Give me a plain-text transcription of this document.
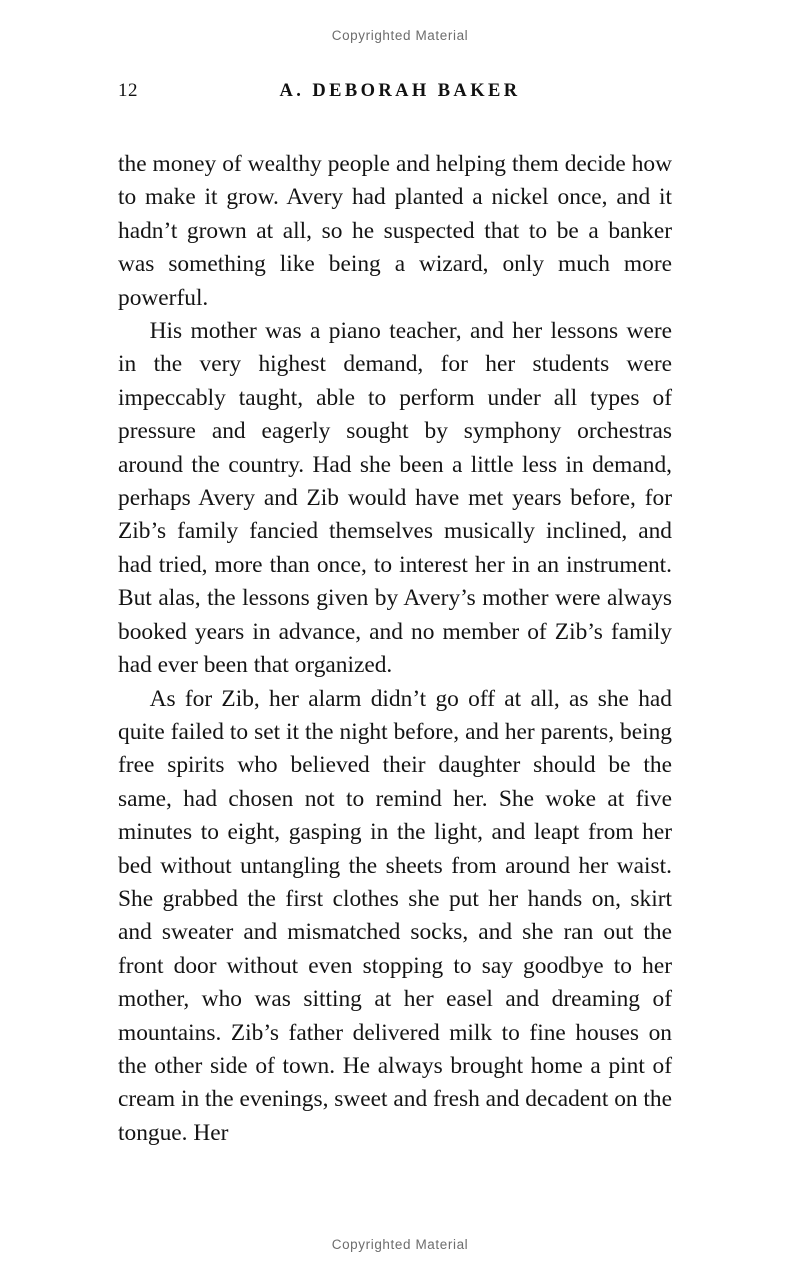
Copyrighted Material
12	A. DEBORAH BAKER

the money of wealthy people and helping them decide how to make it grow. Avery had planted a nickel once, and it hadn’t grown at all, so he suspected that to be a banker was something like being a wizard, only much more powerful.

His mother was a piano teacher, and her lessons were in the very highest demand, for her students were impeccably taught, able to perform under all types of pressure and eagerly sought by symphony orchestras around the country. Had she been a little less in demand, perhaps Avery and Zib would have met years before, for Zib’s family fancied themselves musically inclined, and had tried, more than once, to interest her in an instrument. But alas, the lessons given by Avery’s mother were always booked years in advance, and no member of Zib’s family had ever been that organized.

As for Zib, her alarm didn’t go off at all, as she had quite failed to set it the night before, and her parents, being free spirits who believed their daughter should be the same, had chosen not to remind her. She woke at five minutes to eight, gasping in the light, and leapt from her bed without untangling the sheets from around her waist. She grabbed the first clothes she put her hands on, skirt and sweater and mismatched socks, and she ran out the front door without even stopping to say goodbye to her mother, who was sitting at her easel and dreaming of mountains. Zib’s father delivered milk to fine houses on the other side of town. He always brought home a pint of cream in the evenings, sweet and fresh and decadent on the tongue. Her

Copyrighted Material
